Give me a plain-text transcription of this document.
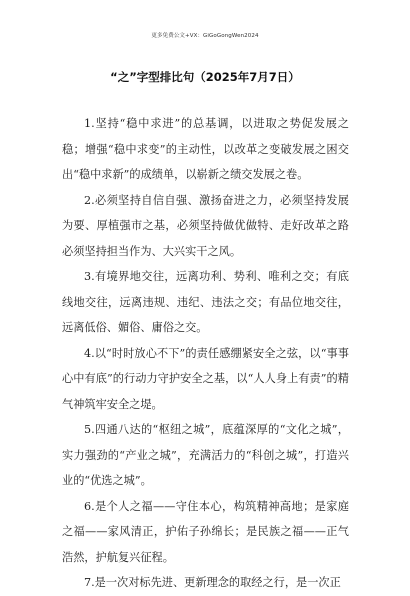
更多免费公文+VX：GiGoGongWen2024
“之”字型排比句（2025年7月7日）

1.坚持“稳中求进”的总基调，以进取之势促发展之稳；增强“稳中求变”的主动性，以改革之变破发展之困交出“稳中求新”的成绩单，以崭新之绩交发展之卷。

2.必须坚持自信自强、激扬奋进之力，必须坚持发展为要、厚植强市之基，必须坚持做优做特、走好改革之路必须坚持担当作为、大兴实干之风。

3.有境界地交往，远离功利、势利、唯利之交；有底线地交往，远离违规、违纪、违法之交；有品位地交往，远离低俗、媚俗、庸俗之交。

4.以“时时放心不下”的责任感绷紧安全之弦，以“事事心中有底”的行动力守护安全之基，以“人人身上有责”的精气神筑牢安全之堤。

5.四通八达的“枢纽之城”，底蕴深厚的“文化之城”，实力强劲的“产业之城”，充满活力的“科创之城”，打造兴业的“优选之城”。

6.是个人之福——守住本心，构筑精神高地；是家庭之福——家风清正，护佑子孙绵长；是民族之福——正气浩然，护航复兴征程。

7.是一次对标先进、更新理念的取经之行，是一次正
